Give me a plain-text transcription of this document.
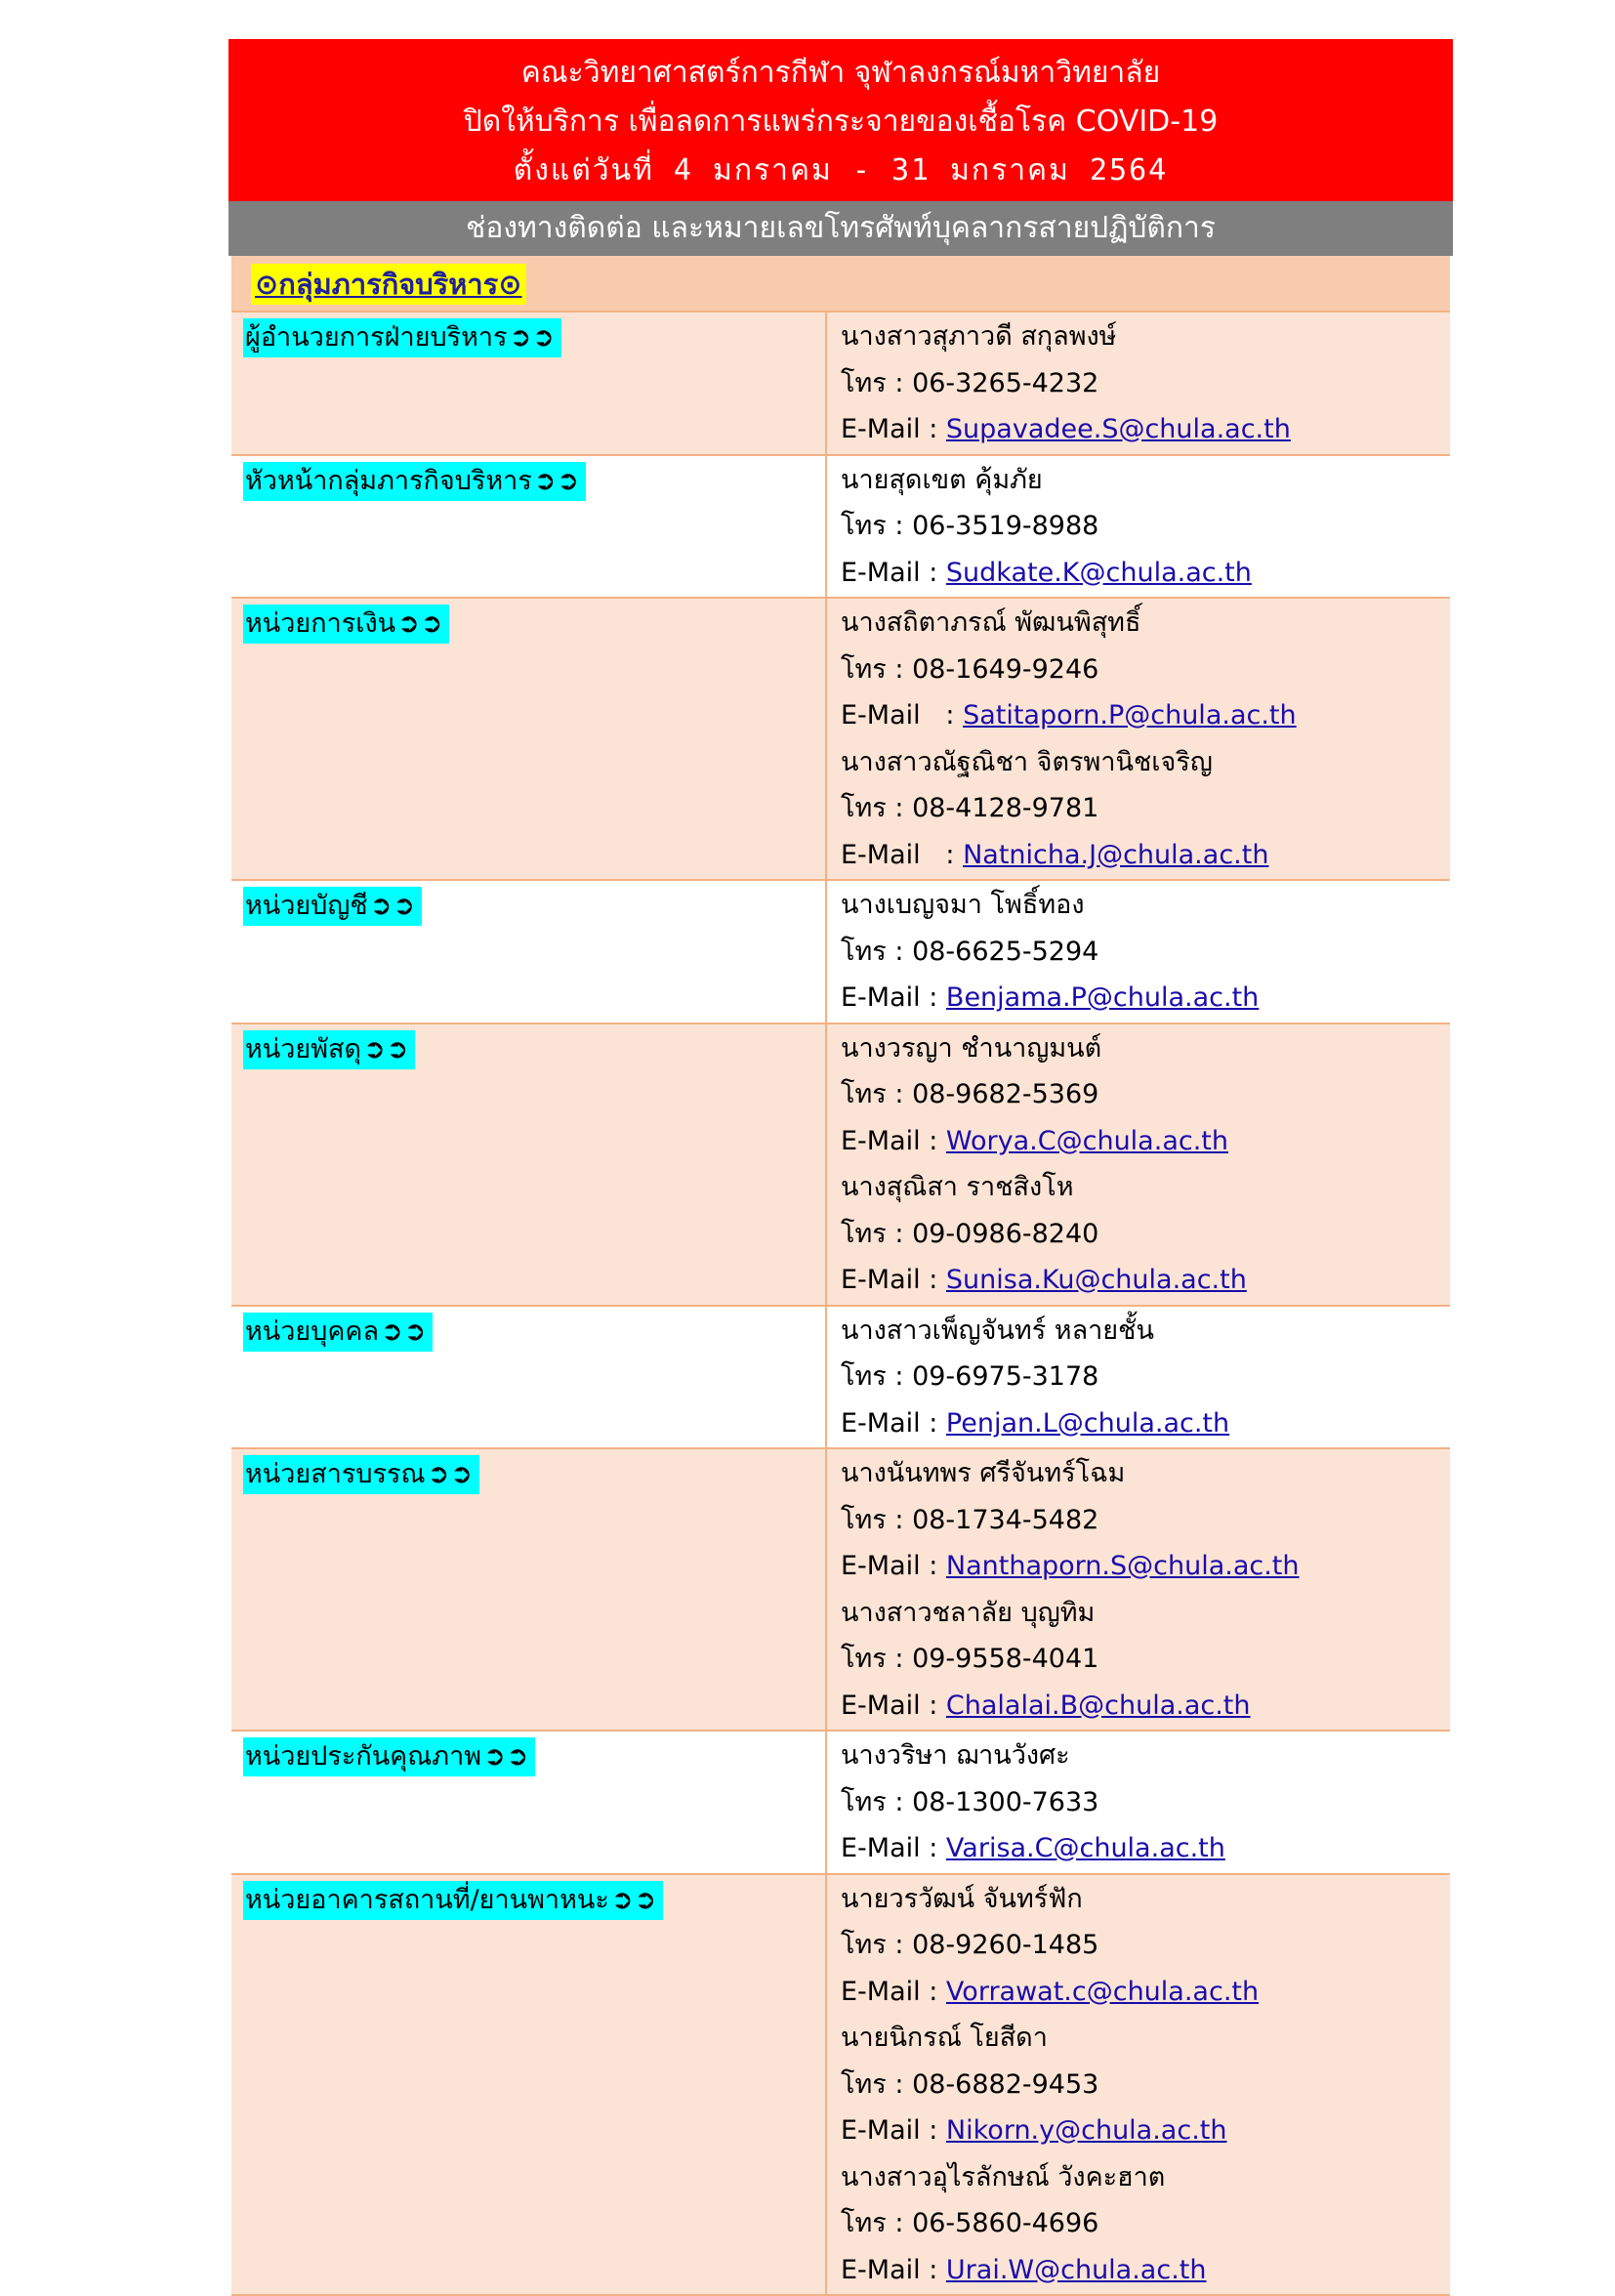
คณะวิทยาศาสตร์การกีฬา จุฬาลงกรณ์มหาวิทยาลัย
ปิดให้บริการ เพื่อลดการแพร่กระจายของเชื้อโรค COVID-19
ตั้งแต่วันที่ 4 มกราคม - 31 มกราคม 2564
ช่องทางติดต่อ และหมายเลขโทรศัพท์บุคลากรสายปฏิบัติการ
⊙กลุ่มภารกิจบริหาร⊙
ผู้อำนวยการฝ่ายบริหาร➲➲	นางสาวสุภาวดี สกุลพงษ์
โทร : 06-3265-4232
E-Mail : Supavadee.S@chula.ac.th
หัวหน้ากลุ่มภารกิจบริหาร➲➲	นายสุดเขต คุ้มภัย
โทร : 06-3519-8988
E-Mail : Sudkate.K@chula.ac.th
หน่วยการเงิน➲➲	นางสถิตาภรณ์ พัฒนพิสุทธิ์
โทร : 08-1649-9246
E-Mail   : Satitaporn.P@chula.ac.th
นางสาวณัฐณิชา จิตรพานิชเจริญ
โทร : 08-4128-9781
E-Mail   : Natnicha.J@chula.ac.th
หน่วยบัญชี➲➲	นางเบญจมา โพธิ์ทอง
โทร : 08-6625-5294
E-Mail : Benjama.P@chula.ac.th
หน่วยพัสดุ➲➲	นางวรญา ชำนาญมนต์
โทร : 08-9682-5369
E-Mail : Worya.C@chula.ac.th
นางสุณิสา ราชสิงโห
โทร : 09-0986-8240
E-Mail : Sunisa.Ku@chula.ac.th
หน่วยบุคคล➲➲	นางสาวเพ็ญจันทร์ หลายชั้น
โทร : 09-6975-3178
E-Mail : Penjan.L@chula.ac.th
หน่วยสารบรรณ➲➲	นางนันทพร ศรีจันทร์โฉม
โทร : 08-1734-5482
E-Mail : Nanthaporn.S@chula.ac.th
นางสาวชลาลัย บุญทิม
โทร : 09-9558-4041
E-Mail : Chalalai.B@chula.ac.th
หน่วยประกันคุณภาพ➲➲	นางวริษา ฌานวังศะ
โทร : 08-1300-7633
E-Mail : Varisa.C@chula.ac.th
หน่วยอาคารสถานที่/ยานพาหนะ➲➲	นายวรวัฒน์ จันทร์ฟัก
โทร : 08-9260-1485
E-Mail : Vorrawat.c@chula.ac.th
นายนิกรณ์ โยสีดา
โทร : 08-6882-9453
E-Mail : Nikorn.y@chula.ac.th
นางสาวอุไรลักษณ์ วังคะฮาต
โทร : 06-5860-4696
E-Mail : Urai.W@chula.ac.th
